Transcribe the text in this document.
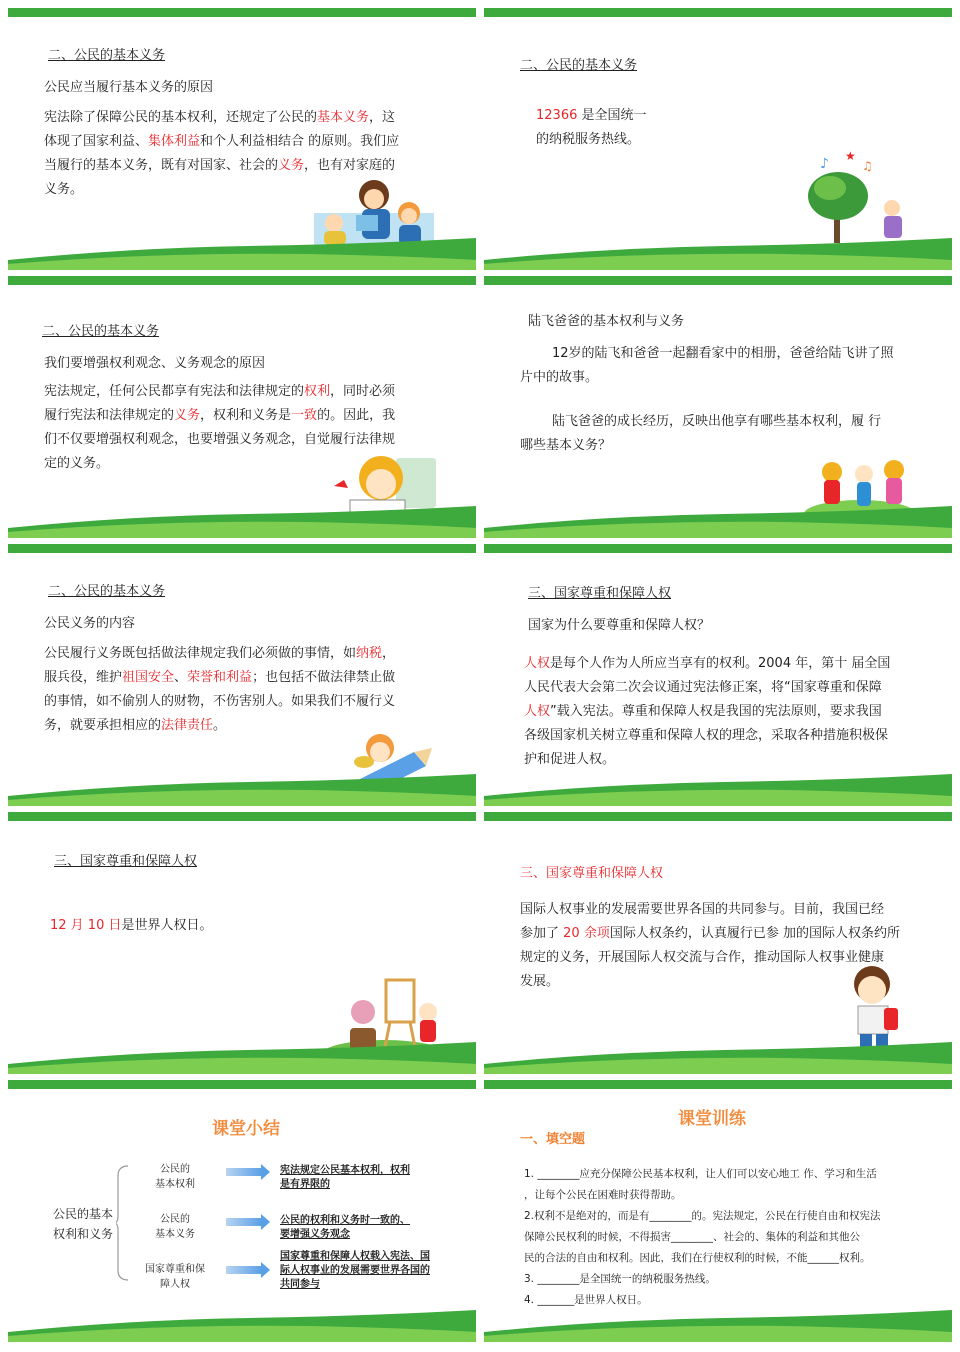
二、公民的基本义务
公民应当履行基本义务的原因
宪法除了保障公民的基本权利，还规定了公民的基本义务，这
体现了国家利益、集体利益和个人利益相结合 的原则。我们应
当履行的基本义务，既有对国家、社会的义务，也有对家庭的
义务。
二、公民的基本义务
12366 是全国统一
的纳税服务热线。
♪ ★
♫
二、公民的基本义务
我们要增强权利观念、义务观念的原因
宪法规定，任何公民都享有宪法和法律规定的权利，同时必须
履行宪法和法律规定的义务，权利和义务是一致的。因此，我
们不仅要增强权利观念，也要增强义务观念，自觉履行法律规
定的义务。
陆飞爸爸的基本权利与义务
12岁的陆飞和爸爸一起翻看家中的相册，爸爸给陆飞讲了照
片中的故事。
陆飞爸爸的成长经历，反映出他享有哪些基本权利，履 行
哪些基本义务？
二、公民的基本义务
公民义务的内容
公民履行义务既包括做法律规定我们必须做的事情，如纳税，
服兵役，维护祖国安全、荣誉和利益；也包括不做法律禁止做
的事情，如不偷别人的财物，不伤害别人。如果我们不履行义
务，就要承担相应的法律责任。
三、国家尊重和保障人权
国家为什么要尊重和保障人权？
人权是每个人作为人所应当享有的权利。2004 年，第十 届全国
人民代表大会第二次会议通过宪法修正案，将“国家尊重和保障
人权”载入宪法。尊重和保障人权是我国的宪法原则，要求我国
各级国家机关树立尊重和保障人权的理念，采取各种措施积极保
护和促进人权。
三、国家尊重和保障人权
12 月 10 日是世界人权日。
三、国家尊重和保障人权
国际人权事业的发展需要世界各国的共同参与。目前，我国已经
参加了 20 余项国际人权条约，认真履行已参 加的国际人权条约所
规定的义务，开展国际人权交流与合作，推动国际人权事业健康
发展。
课堂小结
公民的基本
权利和义务
公民的
基本权利
宪法规定公民基本权利，权利
是有界限的
公民的
基本义务
公民的权利和义务时一致的、
要增强义务观念
国家尊重和保
障人权
国家尊重和保障人权载入宪法、国
际人权事业的发展需要世界各国的
共同参与
课堂训练
一、填空题
1. ________应充分保障公民基本权利，让人们可以安心地工 作、学习和生活
，让每个公民在困难时获得帮助。
2.权利不是绝对的，而是有________的。宪法规定，公民在行使自由和权宪法
保障公民权利的时候，不得损害________、社会的、集体的利益和其他公
民的合法的自由和权利。因此，我们在行使权利的时候，不能______权利。
3. ________是全国统一的纳税服务热线。
4. _______是世界人权日。
